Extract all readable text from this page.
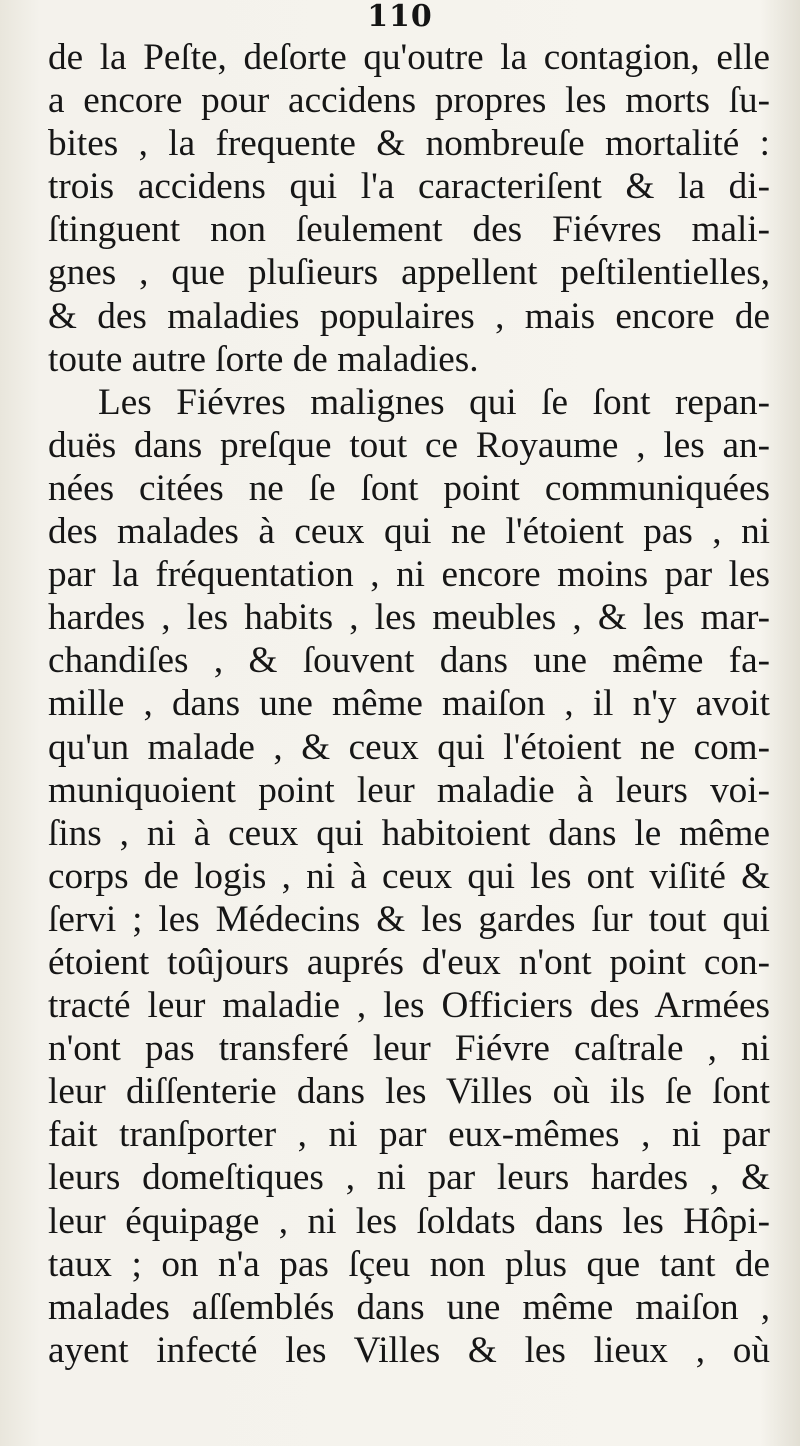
110
de la Peſte, deſorte qu'outre la contagion, elle
a encore pour accidens propres les morts ſu-
bites , la frequente & nombreuſe mortalité :
trois accidens qui l'a caracteriſent & la di-
ſtinguent non ſeulement des Fiévres mali-
gnes , que pluſieurs appellent peſtilentielles,
& des maladies populaires , mais encore de
toute autre ſorte de maladies.
Les Fiévres malignes qui ſe ſont repan-
duës dans preſque tout ce Royaume , les an-
nées citées ne ſe ſont point communiquées
des malades à ceux qui ne l'étoient pas , ni
par la fréquentation , ni encore moins par les
hardes , les habits , les meubles , & les mar-
chandiſes , & ſouvent dans une même fa-
mille , dans une même maiſon , il n'y avoit
qu'un malade , & ceux qui l'étoient ne com-
muniquoient point leur maladie à leurs voi-
ſins , ni à ceux qui habitoient dans le même
corps de logis , ni à ceux qui les ont viſité &
ſervi ; les Médecins & les gardes ſur tout qui
étoient toûjours auprés d'eux n'ont point con-
tracté leur maladie , les Officiers des Armées
n'ont pas transferé leur Fiévre caſtrale , ni
leur diſſenterie dans les Villes où ils ſe ſont
fait tranſporter , ni par eux-mêmes , ni par
leurs domeſtiques , ni par leurs hardes , &
leur équipage , ni les ſoldats dans les Hôpi-
taux ; on n'a pas ſçeu non plus que tant de
malades aſſemblés dans une même maiſon ,
ayent infecté les Villes & les lieux , où
